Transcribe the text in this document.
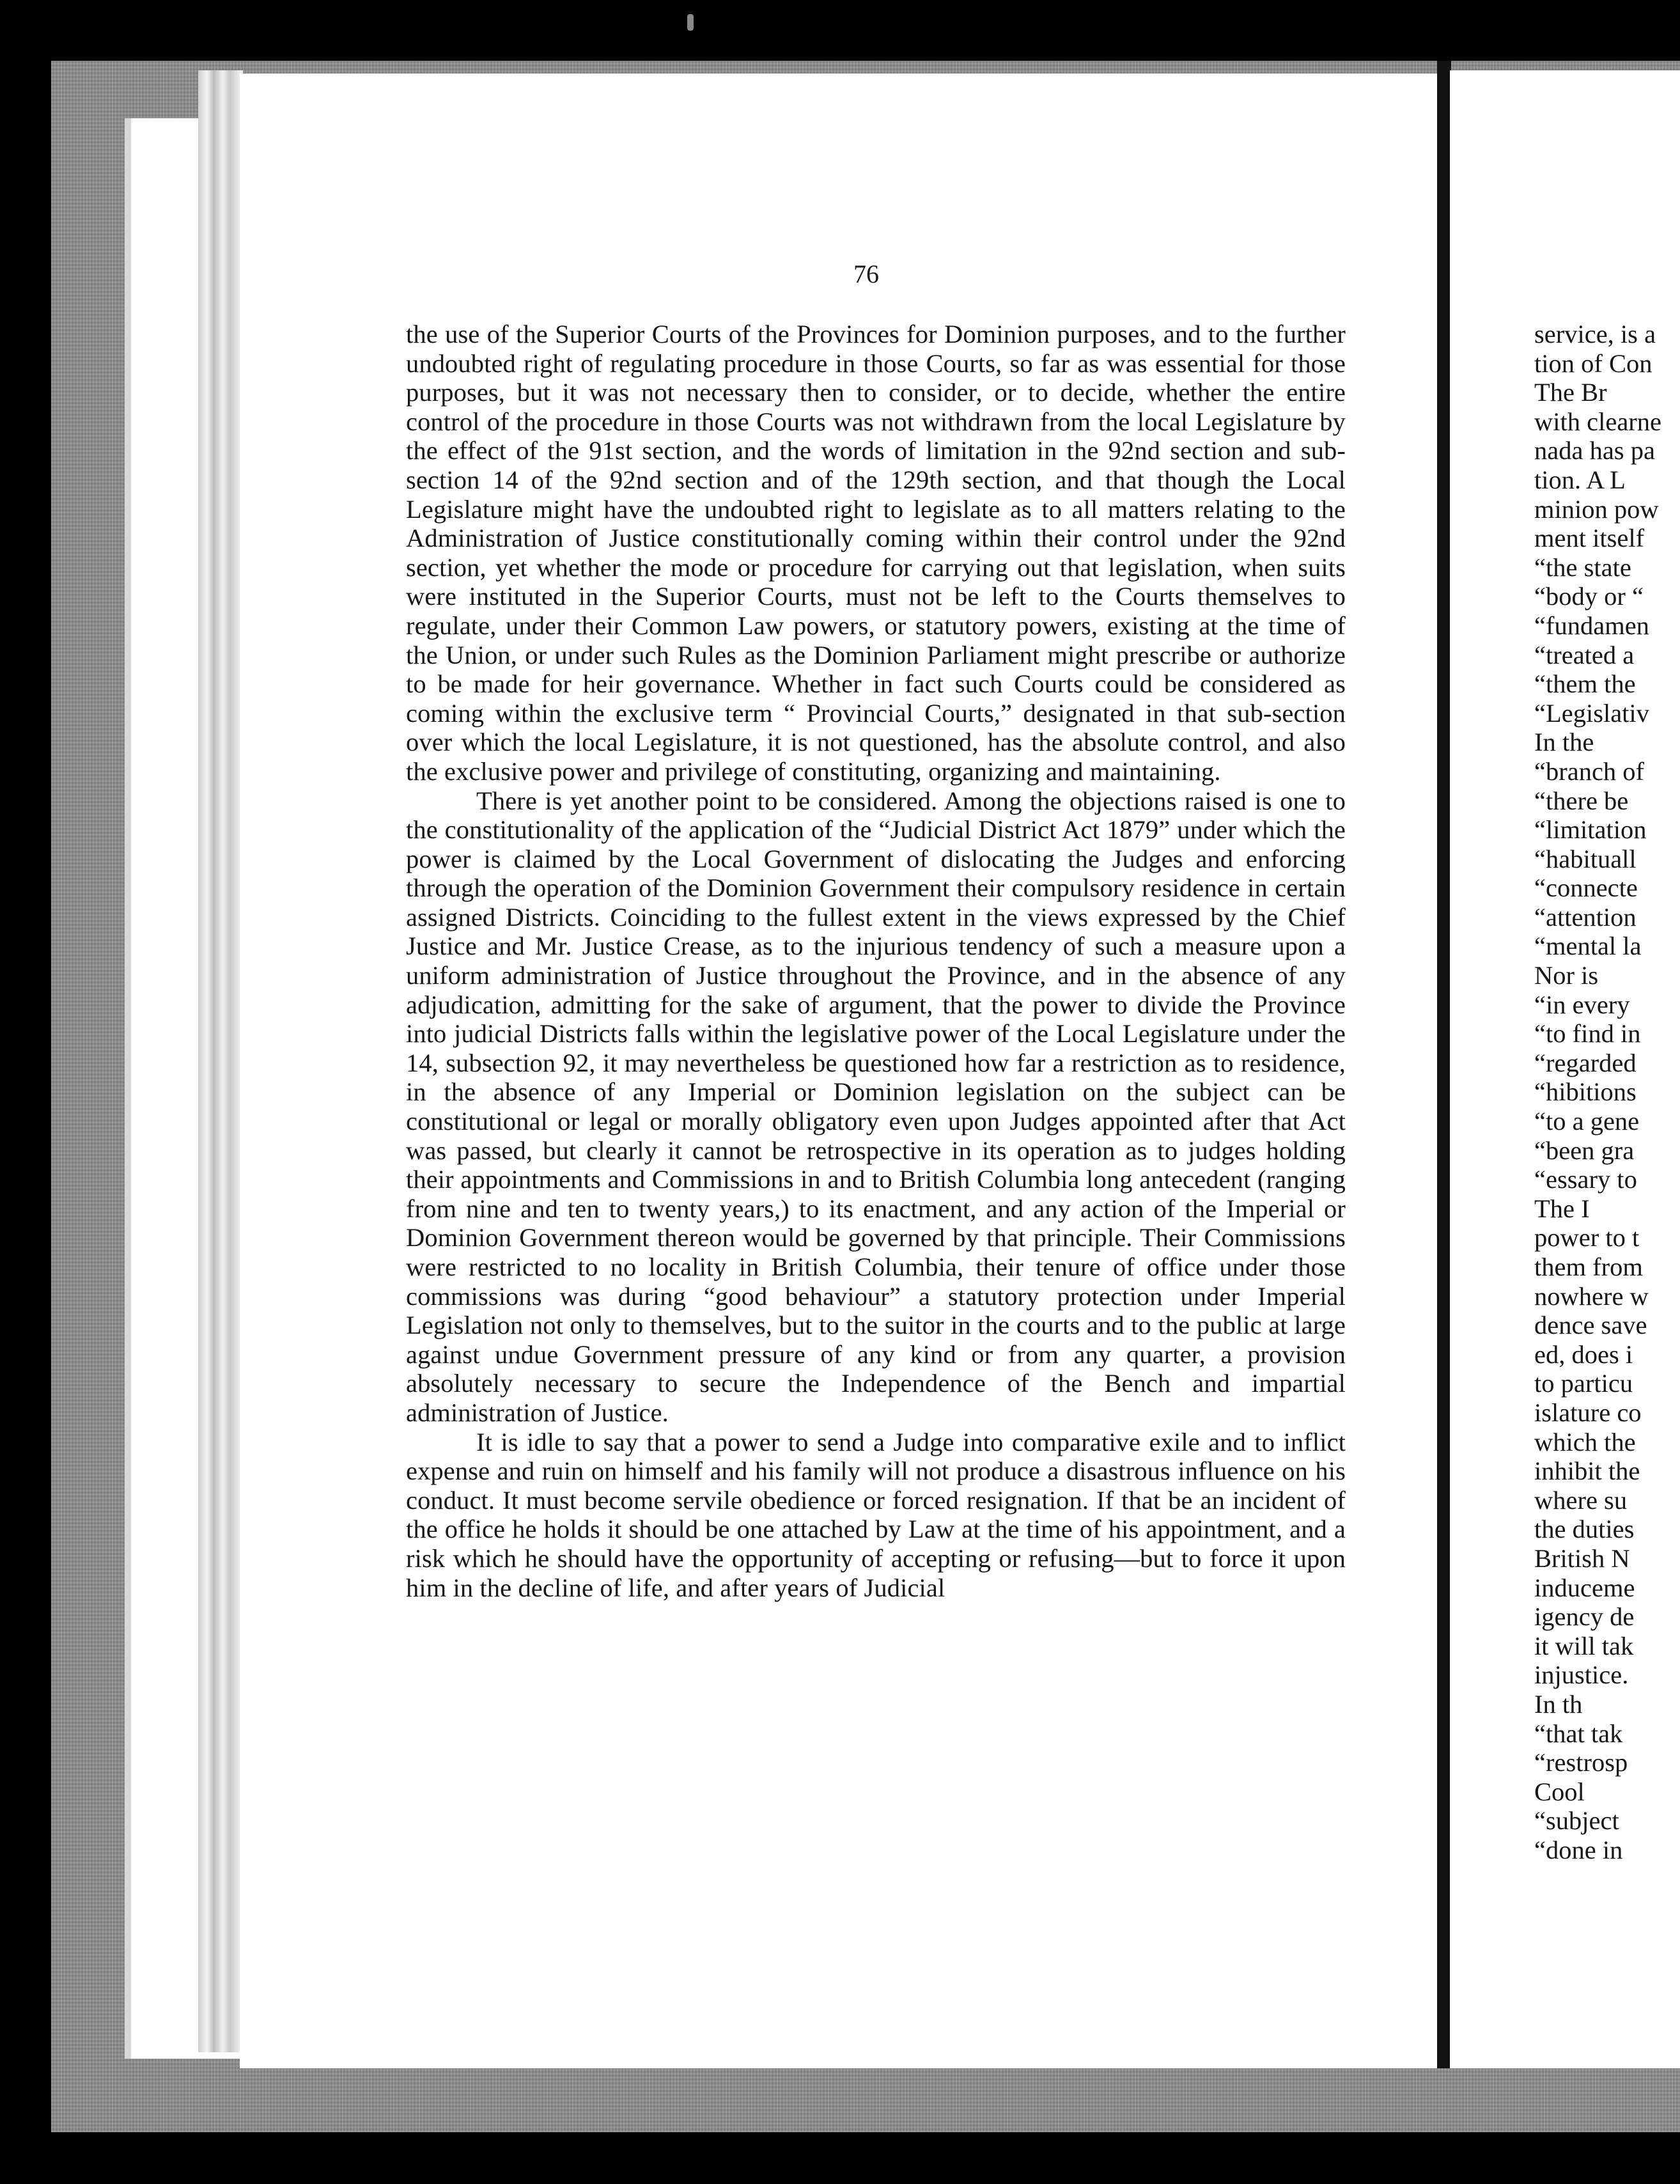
76

the use of the Superior Courts of the Provinces for Dominion purposes, and to the further undoubted right of regulating procedure in those Courts, so far as was essential for those purposes, but it was not necessary then to consider, or to decide, whether the entire control of the procedure in those Courts was not withdrawn from the local Legislature by the effect of the 91st section, and the words of limitation in the 92nd section and sub-section 14 of the 92nd section and of the 129th section, and that though the Local Legislature might have the undoubted right to legislate as to all matters relating to the Administration of Justice constitutionally coming within their control under the 92nd section, yet whether the mode or procedure for carrying out that legislation, when suits were instituted in the Superior Courts, must not be left to the Courts themselves to regulate, under their Common Law powers, or statutory powers, existing at the time of the Union, or under such Rules as the Dominion Parliament might prescribe or authorize to be made for heir governance. Whether in fact such Courts could be considered as coming within the exclusive term “ Provincial Courts,” designated in that sub-section over which the local Legislature, it is not questioned, has the absolute control, and also the exclusive power and privilege of constituting, organizing and maintaining.

There is yet another point to be considered. Among the objections raised is one to the constitutionality of the application of the “Judicial District Act 1879” under which the power is claimed by the Local Government of dislocating the Judges and enforcing through the operation of the Dominion Government their compulsory residence in certain assigned Districts. Coinciding to the fullest extent in the views expressed by the Chief Justice and Mr. Justice Crease, as to the injurious tendency of such a measure upon a uniform administration of Justice throughout the Province, and in the absence of any adjudication, admitting for the sake of argument, that the power to divide the Province into judicial Districts falls within the legislative power of the Local Legislature under the 14, subsection 92, it may nevertheless be questioned how far a restriction as to residence, in the absence of any Imperial or Dominion legislation on the subject can be constitutional or legal or morally obligatory even upon Judges appointed after that Act was passed, but clearly it cannot be retrospective in its operation as to judges holding their appointments and Commissions in and to British Columbia long antecedent (ranging from nine and ten to twenty years,) to its enactment, and any action of the Imperial or Dominion Government thereon would be governed by that principle. Their Commissions were restricted to no locality in British Columbia, their tenure of office under those commissions was during “good behaviour” a statutory protection under Imperial Legislation not only to themselves, but to the suitor in the courts and to the public at large against undue Government pressure of any kind or from any quarter, a provision absolutely necessary to secure the Independence of the Bench and impartial administration of Justice.

It is idle to say that a power to send a Judge into comparative exile and to inflict expense and ruin on himself and his family will not produce a disastrous influence on his conduct. It must become servile obedience or forced resignation. If that be an incident of the office he holds it should be one attached by Law at the time of his appointment, and a risk which he should have the opportunity of accepting or refusing—but to force it upon him in the decline of life, and after years of Judicial

service, is a
tion of Con
The Br
with clearne
nada has pa
tion. A L
minion pow
ment itself
“the state
“body or “
“fundamen
“treated a
“them the
“Legislativ
In the
“branch of
“there be
“limitation
“habituall
“connecte
“attention
“mental la
Nor is
“in every
“to find in
“regarded
“hibitions
“to a gene
“been gra
“essary to
The I
power to t
them from
nowhere w
dence save
ed, does i
to particu
islature co
which the
inhibit the
where su
the duties
British N
induceme
igency de
it will tak
injustice.
In th
“that tak
“restrosp
Cool
“subject
“done in
